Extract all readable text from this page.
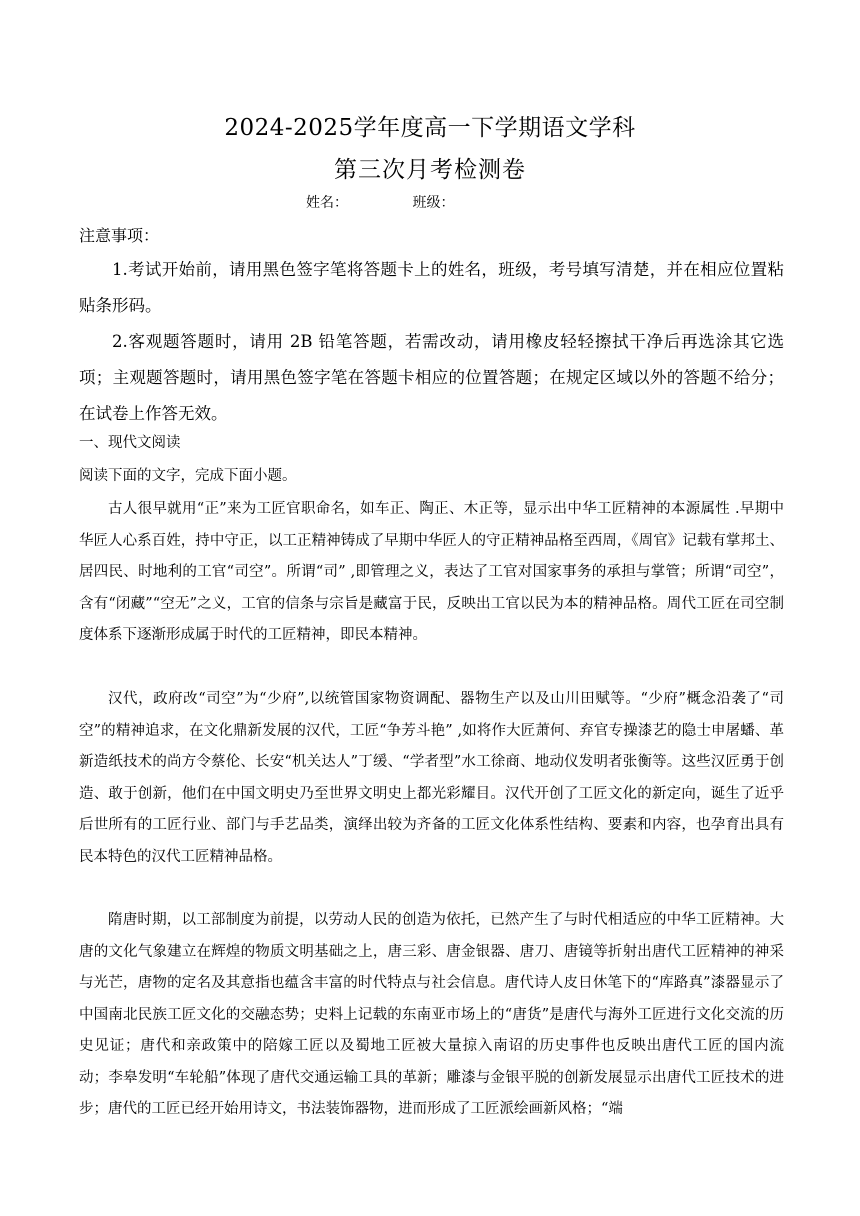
2024-2025学年度高一下学期语文学科
第三次月考检测卷
姓名：	班级：
注意事项：
1.考试开始前，请用黑色签字笔将答题卡上的姓名，班级，考号填写清楚，并在相应位置粘贴条形码。
2.客观题答题时，请用 2B 铅笔答题，若需改动，请用橡皮轻轻擦拭干净后再选涂其它选项；主观题答题时，请用黑色签字笔在答题卡相应的位置答题；在规定区域以外的答题不给分；在试卷上作答无效。
一、现代文阅读
阅读下面的文字，完成下面小题。

古人很早就用“正”来为工匠官职命名，如车正、陶正、木正等，显示出中华工匠精神的本源属性 .早期中华匠人心系百姓，持中守正，以工正精神铸成了早期中华匠人的守正精神品格至西周，《周官》记载有掌邦土、居四民、时地利的工官“司空”。所谓“司” ,即管理之义，表达了工官对国家事务的承担与掌管；所谓“司空”，含有“闭藏”“空无”之义，工官的信条与宗旨是藏富于民，反映出工官以民为本的精神品格。周代工匠在司空制度体系下逐渐形成属于时代的工匠精神，即民本精神。

汉代，政府改“司空”为“少府”,以统管国家物资调配、器物生产以及山川田赋等。“少府”概念沿袭了“司空”的精神追求，在文化鼎新发展的汉代，工匠“争芳斗艳” ,如将作大匠萧何、弃官专操漆艺的隐士申屠蟠、革新造纸技术的尚方令蔡伦、长安“机关达人”丁缓、“学者型”水工徐商、地动仪发明者张衡等。这些汉匠勇于创造、敢于创新，他们在中国文明史乃至世界文明史上都光彩耀目。汉代开创了工匠文化的新定向，诞生了近乎后世所有的工匠行业、部门与手艺品类，演绎出较为齐备的工匠文化体系性结构、要素和内容，也孕育出具有民本特色的汉代工匠精神品格。

隋唐时期，以工部制度为前提，以劳动人民的创造为依托，已然产生了与时代相适应的中华工匠精神。大唐的文化气象建立在辉煌的物质文明基础之上，唐三彩、唐金银器、唐刀、唐镜等折射出唐代工匠精神的神采与光芒，唐物的定名及其意指也蕴含丰富的时代特点与社会信息。唐代诗人皮日休笔下的“库路真”漆器显示了中国南北民族工匠文化的交融态势；史料上记载的东南亚市场上的“唐货”是唐代与海外工匠进行文化交流的历史见证；唐代和亲政策中的陪嫁工匠以及蜀地工匠被大量掠入南诏的历史事件也反映出唐代工匠的国内流　动；李皋发明“车轮船”体现了唐代交通运输工具的革新；雕漆与金银平脱的创新发展显示出唐代工匠技术的进步；唐代的工匠已经开始用诗文，书法装饰器物，进而形成了工匠派绘画新风格；“端
